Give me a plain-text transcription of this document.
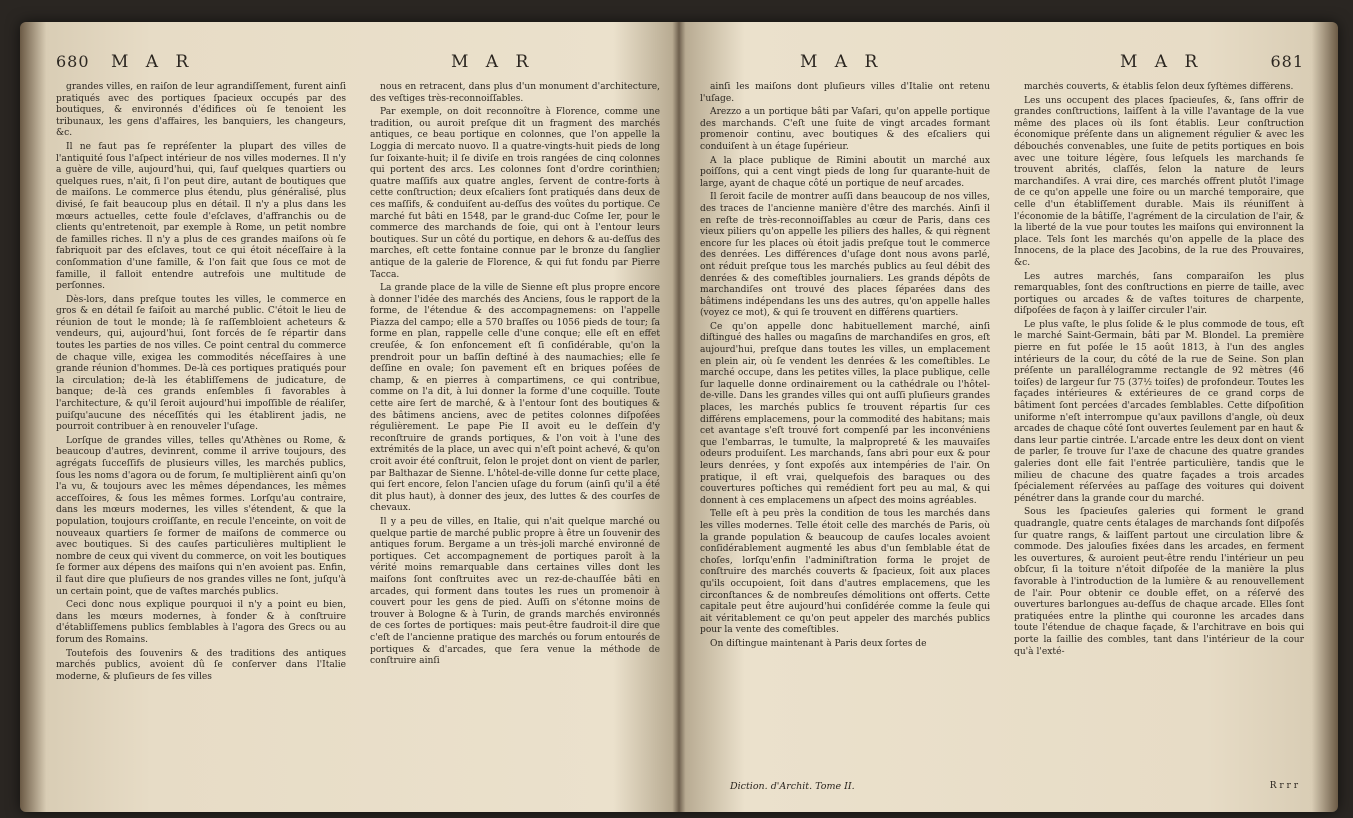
680 M A R	M A R

grandes villes, en raiſon de leur agrandiſſement, furent ainſi pratiqués avec des portiques ſpacieux occupés par des boutiques, & environnés d'édifices où ſe tenoient les tribunaux, les gens d'affaires, les banquiers, les changeurs, &c.

Il ne faut pas ſe repréſenter la plupart des villes de l'antiquité ſous l'aſpect intérieur de nos villes modernes. Il n'y a guère de ville, aujourd'hui, qui, ſauf quelques quartiers ou quelques rues, n'ait, ſi l'on peut dire, autant de boutiques que de maiſons. Le commerce plus étendu, plus généralisé, plus divisé, ſe fait beaucoup plus en détail. Il n'y a plus dans les mœurs actuelles, cette foule d'eſclaves, d'affranchis ou de clients qu'entretenoit, par exemple à Rome, un petit nombre de familles riches. Il n'y a plus de ces grandes maiſons où ſe fabriquoit par des eſclaves, tout ce qui étoit néceſſaire à la conſommation d'une famille, & l'on fait que ſous ce mot de famille, il falloit entendre autrefois une multitude de perſonnes.

Dès-lors, dans preſque toutes les villes, le commerce en gros & en détail ſe faiſoit au marché public. C'étoit le lieu de réunion de tout le monde; là ſe raſſembloient acheteurs & vendeurs, qui, aujourd'hui, ſont forcés de ſe répartir dans toutes les parties de nos villes. Ce point central du commerce de chaque ville, exigea les commodités néceſſaires à une grande réunion d'hommes. De-là ces portiques pratiqués pour la circulation; de-là les établiſſemens de judicature, de banque; de-là ces grands enſembles ſi favorables à l'architecture, & qu'il ſeroit aujourd'hui impoſſible de réaliſer, puiſqu'aucune des néceſſités qui les établirent jadis, ne pourroit contribuer à en renouveler l'uſage.

Lorſque de grandes villes, telles qu'Athènes ou Rome, & beaucoup d'autres, devinrent, comme il arrive toujours, des agrégats ſucceſſifs de plusieurs villes, les marchés publics, ſous les noms d'agora ou de forum, ſe multiplièrent ainſi qu'on l'a vu, & toujours avec les mêmes dépendances, les mêmes acceſſoires, & ſous les mêmes formes. Lorſqu'au contraire, dans les mœurs modernes, les villes s'étendent, & que la population, toujours croiſſante, en recule l'enceinte, on voit de nouveaux quartiers ſe former de maiſons de commerce ou avec boutiques. Si des cauſes particulières multiplient le nombre de ceux qui vivent du commerce, on voit les boutiques ſe former aux dépens des maiſons qui n'en avoient pas. Enfin, il faut dire que pluſieurs de nos grandes villes ne ſont, juſqu'à un certain point, que de vaſtes marchés publics.

Ceci donc nous explique pourquoi il n'y a point eu bien, dans les mœurs modernes, à fonder & à conſtruire d'établiſſemens publics ſemblables à l'agora des Grecs ou au forum des Romains.

Toutefois des ſouvenirs & des traditions des antiques marchés publics, avoient dû ſe conſerver dans l'Italie moderne, & pluſieurs de ſes villes

nous en retracent, dans plus d'un monument d'architecture, des veſtiges très-reconnoiſſables.

Par exemple, on doit reconnoître à Florence, comme une tradition, ou auroit preſque dit un fragment des marchés antiques, ce beau portique en colonnes, que l'on appelle la Loggia di mercato nuovo. Il a quatre-vingts-huit pieds de long ſur ſoixante-huit; il ſe diviſe en trois rangées de cinq colonnes qui portent des arcs. Les colonnes ſont d'ordre corinthien; quatre maſſifs aux quatre angles, ſervent de contre-forts à cette conſtruction; deux eſcaliers ſont pratiqués dans deux de ces maſſifs, & conduiſent au-deſſus des voûtes du portique. Ce marché fut bâti en 1548, par le grand-duc Coſme Ier, pour le commerce des marchands de ſoie, qui ont à l'entour leurs boutiques. Sur un côté du portique, en dehors & au-deſſus des marches, eſt cette fontaine connue par le bronze du ſanglier antique de la galerie de Florence, & qui fut fondu par Pierre Tacca.

La grande place de la ville de Sienne eſt plus propre encore à donner l'idée des marchés des Anciens, ſous le rapport de la forme, de l'étendue & des accompagnemens: on l'appelle Piazza del campo; elle a 570 braſſes ou 1056 pieds de tour; ſa forme en plan, rappelle celle d'une conque; elle eſt en effet creuſée, & ſon enfoncement eſt ſi conſidérable, qu'on la prendroit pour un baſſin deſtiné à des naumachies; elle ſe deſſine en ovale; ſon pavement eſt en briques poſées de champ, & en pierres à compartimens, ce qui contribue, comme on l'a dit, à lui donner la forme d'une coquille. Toute cette aire ſert de marché, & à l'entour ſont des boutiques & des bâtimens anciens, avec de petites colonnes diſpoſées régulièrement. Le pape Pie II avoit eu le deſſein d'y reconſtruire de grands portiques, & l'on voit à l'une des extrémités de la place, un avec qui n'eſt point achevé, & qu'on croit avoir été conſtruit, ſelon le projet dont on vient de parler, par Balthazar de Sienne. L'hôtel-de-ville donne ſur cette place, qui ſert encore, ſelon l'ancien uſage du forum (ainſi qu'il a été dit plus haut), à donner des jeux, des luttes & des courſes de chevaux.

Il y a peu de villes, en Italie, qui n'ait quelque marché ou quelque partie de marché public propre à être un ſouvenir des antiques forum. Bergame a un très-joli marché environné de portiques. Cet accompagnement de portiques paroît à la vérité moins remarquable dans certaines villes dont les maiſons ſont conſtruites avec un rez-de-chauſſée bâti en arcades, qui forment dans toutes les rues un promenoir à couvert pour les gens de pied. Auſſi on s'étonne moins de trouver à Bologne & à Turin, de grands marchés environnés de ces ſortes de portiques: mais peut-être faudroit-il dire que c'eſt de l'ancienne pratique des marchés ou forum entourés de portiques & d'arcades, que ſera venue la méthode de conſtruire ainſi

M A R	M A R	681

ainſi les maiſons dont pluſieurs villes d'Italie ont retenu l'uſage.

Arezzo a un portique bâti par Vaſari, qu'on appelle portique des marchands. C'eſt une ſuite de vingt arcades formant promenoir continu, avec boutiques & des eſcaliers qui conduiſent à un étage ſupérieur.

A la place publique de Rimini aboutit un marché aux poiſſons, qui a cent vingt pieds de long ſur quarante-huit de large, ayant de chaque côté un portique de neuf arcades.

Il ſeroit facile de montrer auſſi dans beaucoup de nos villes, des traces de l'ancienne manière d'être des marchés. Ainſi il en reſte de très-reconnoiſſables au cœur de Paris, dans ces vieux piliers qu'on appelle les piliers des halles, & qui règnent encore ſur les places où étoit jadis preſque tout le commerce des denrées. Les différences d'uſage dont nous avons parlé, ont réduit preſque tous les marchés publics au ſeul débit des denrées & des comeſtibles journaliers. Les grands dépôts de marchandiſes ont trouvé des places ſéparées dans des bâtimens indépendans les uns des autres, qu'on appelle halles (voyez ce mot), & qui ſe trouvent en différens quartiers.

Ce qu'on appelle donc habituellement marché, ainſi diſtingué des halles ou magaſins de marchandiſes en gros, eſt aujourd'hui, preſque dans toutes les villes, un emplacement en plein air, où ſe vendent les denrées & les comeſtibles. Le marché occupe, dans les petites villes, la place publique, celle ſur laquelle donne ordinairement ou la cathédrale ou l'hôtel-de-ville. Dans les grandes villes qui ont auſſi pluſieurs grandes places, les marchés publics ſe trouvent répartis ſur ces différens emplacemens, pour la commodité des habitans; mais cet avantage s'eſt trouvé fort compenſé par les inconvéniens que l'embarras, le tumulte, la malpropreté & les mauvaiſes odeurs produiſent. Les marchands, ſans abri pour eux & pour leurs denrées, y ſont expoſés aux intempéries de l'air. On pratique, il eſt vrai, quelquefois des baraques ou des couvertures poſtiches qui remédient fort peu au mal, & qui donnent à ces emplacemens un aſpect des moins agréables.

Telle eſt à peu près la condition de tous les marchés dans les villes modernes. Telle étoit celle des marchés de Paris, où la grande population & beaucoup de cauſes locales avoient conſidérablement augmenté les abus d'un ſemblable état de choſes, lorſqu'enfin l'adminiſtration forma le projet de conſtruire des marchés couverts & ſpacieux, ſoit aux places qu'ils occupoient, ſoit dans d'autres emplacemens, que les circonſtances & de nombreuſes démolitions ont offerts. Cette capitale peut être aujourd'hui conſidérée comme la ſeule qui ait véritablement ce qu'on peut appeler des marchés publics pour la vente des comeſtibles.

On diſtingue maintenant à Paris deux ſortes de

marchés couverts, & établis ſelon deux ſyſtèmes différens.

Les uns occupent des places ſpacieuſes, &, ſans offrir de grandes conſtructions, laiſſent à la ville l'avantage de la vue même des places où ils ſont établis. Leur conſtruction économique préſente dans un alignement régulier & avec les débouchés convenables, une ſuite de petits portiques en bois avec une toiture légère, ſous leſquels les marchands ſe trouvent abrités, claſſés, ſelon la nature de leurs marchandiſes. A vrai dire, ces marchés offrent plutôt l'image de ce qu'on appelle une foire ou un marché temporaire, que celle d'un établiſſement durable. Mais ils réuniſſent à l'économie de la bâtiſſe, l'agrément de la circulation de l'air, & la liberté de la vue pour toutes les maiſons qui environnent la place. Tels ſont les marchés qu'on appelle de la place des Innocens, de la place des Jacobins, de la rue des Prouvaires, &c.

Les autres marchés, ſans comparaiſon les plus remarquables, ſont des conſtructions en pierre de taille, avec portiques ou arcades & de vaſtes toitures de charpente, diſpoſées de façon à y laiſſer circuler l'air.

Le plus vaſte, le plus ſolide & le plus commode de tous, eſt le marché Saint-Germain, bâti par M. Blondel. La première pierre en fut poſée le 15 août 1813, à l'un des angles intérieurs de la cour, du côté de la rue de Seine. Son plan préſente un parallélogramme rectangle de 92 mètres (46 toiſes) de largeur ſur 75 (37½ toiſes) de profondeur. Toutes les façades intérieures & extérieures de ce grand corps de bâtiment ſont percées d'arcades ſemblables. Cette diſpoſition uniforme n'eſt interrompue qu'aux pavillons d'angle, où deux arcades de chaque côté ſont ouvertes ſeulement par en haut & dans leur partie cintrée. L'arcade entre les deux dont on vient de parler, ſe trouve ſur l'axe de chacune des quatre grandes galeries dont elle fait l'entrée particulière, tandis que le milieu de chacune des quatre façades a trois arcades ſpécialement réſervées au paſſage des voitures qui doivent pénétrer dans la grande cour du marché.

Sous les ſpacieuſes galeries qui forment le grand quadrangle, quatre cents étalages de marchands ſont diſpoſés ſur quatre rangs, & laiſſent partout une circulation libre & commode. Des jalouſies fixées dans les arcades, en ferment les ouvertures, & auroient peut-être rendu l'intérieur un peu obſcur, ſi la toiture n'étoit diſpoſée de la manière la plus favorable à l'introduction de la lumière & au renouvellement de l'air. Pour obtenir ce double effet, on a réſervé des ouvertures barlongues au-deſſus de chaque arcade. Elles ſont pratiquées entre la plinthe qui couronne les arcades dans toute l'étendue de chaque façade, & l'architrave en bois qui porte la ſaillie des combles, tant dans l'intérieur de la cour qu'à l'exté-

Diction. d'Archit. Tome II.	R r r r
